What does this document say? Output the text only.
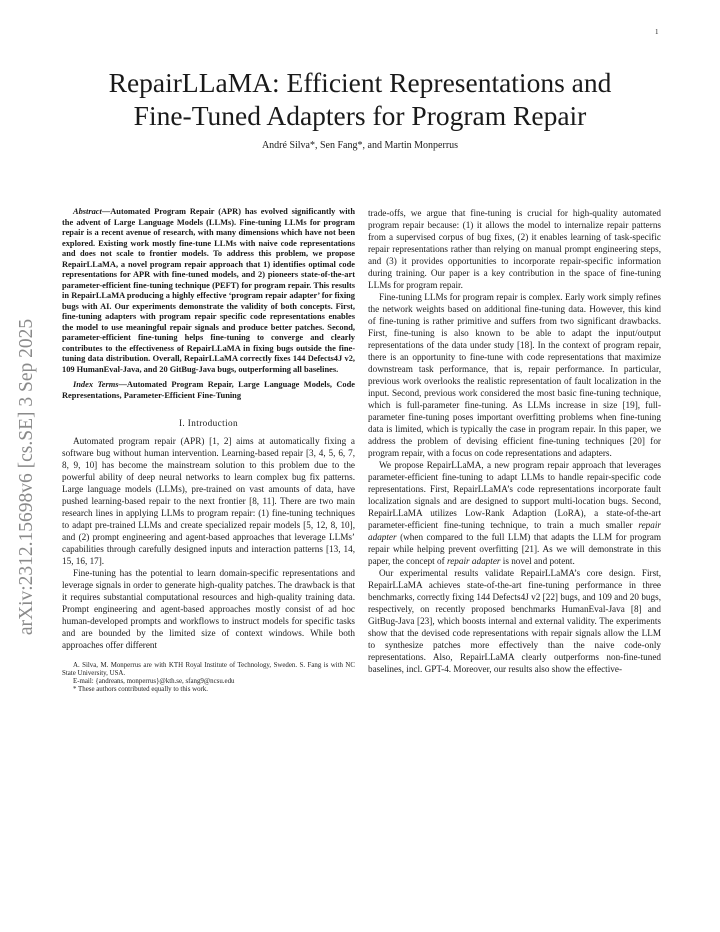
1
arXiv:2312.15698v6 [cs.SE] 3 Sep 2025
RepairLLaMA: Efficient Representations and
Fine-Tuned Adapters for Program Repair
André Silva*, Sen Fang*, and Martin Monperrus

Abstract—Automated Program Repair (APR) has evolved significantly with the advent of Large Language Models (LLMs). Fine-tuning LLMs for program repair is a recent avenue of research, with many dimensions which have not been explored. Existing work mostly fine-tune LLMs with naive code representations and does not scale to frontier models. To address this problem, we propose RepairLLaMA, a novel program repair approach that 1) identifies optimal code representations for APR with fine-tuned models, and 2) pioneers state-of-the-art parameter-efficient fine-tuning technique (PEFT) for program repair. This results in RepairLLaMA producing a highly effective ‘program repair adapter’ for fixing bugs with AI. Our experiments demonstrate the validity of both concepts. First, fine-tuning adapters with program repair specific code representations enables the model to use meaningful repair signals and produce better patches. Second, parameter-efficient fine-tuning helps fine-tuning to converge and clearly contributes to the effectiveness of RepairLLaMA in fixing bugs outside the fine-tuning data distribution. Overall, RepairLLaMA correctly fixes 144 Defects4J v2, 109 HumanEval-Java, and 20 GitBug-Java bugs, outperforming all baselines.

Index Terms—Automated Program Repair, Large Language Models, Code Representations, Parameter-Efficient Fine-Tuning

I. Introduction

Automated program repair (APR) [1, 2] aims at automatically fixing a software bug without human intervention. Learning-based repair [3, 4, 5, 6, 7, 8, 9, 10] has become the mainstream solution to this problem due to the powerful ability of deep neural networks to learn complex bug fix patterns. Large language models (LLMs), pre-trained on vast amounts of data, have pushed learning-based repair to the next frontier [8, 11]. There are two main research lines in applying LLMs to program repair: (1) fine-tuning techniques to adapt pre-trained LLMs and create specialized repair models [5, 12, 8, 10], and (2) prompt engineering and agent-based approaches that leverage LLMs’ capabilities through carefully designed inputs and interaction patterns [13, 14, 15, 16, 17].

Fine-tuning has the potential to learn domain-specific representations and leverage signals in order to generate high-quality patches. The drawback is that it requires substantial computational resources and high-quality training data. Prompt engineering and agent-based approaches mostly consist of ad hoc human-developed prompts and workflows to instruct models for specific tasks and are bounded by the limited size of context windows. While both approaches offer different

A. Silva, M. Monperrus are with KTH Royal Institute of Technology, Sweden. S. Fang is with NC State University, USA.

E-mail: {andreans, monperrus}@kth.se, sfang9@ncsu.edu

* These authors contributed equally to this work.

trade-offs, we argue that fine-tuning is crucial for high-quality automated program repair because: (1) it allows the model to internalize repair patterns from a supervised corpus of bug fixes, (2) it enables learning of task-specific repair representations rather than relying on manual prompt engineering steps, and (3) it provides opportunities to incorporate repair-specific information during training. Our paper is a key contribution in the space of fine-tuning LLMs for program repair.

Fine-tuning LLMs for program repair is complex. Early work simply refines the network weights based on additional fine-tuning data. However, this kind of fine-tuning is rather primitive and suffers from two significant drawbacks. First, fine-tuning is also known to be able to adapt the input/output representations of the data under study [18]. In the context of program repair, there is an opportunity to fine-tune with code representations that maximize downstream task performance, that is, repair performance. In particular, previous work overlooks the realistic representation of fault localization in the input. Second, previous work considered the most basic fine-tuning technique, which is full-parameter fine-tuning. As LLMs increase in size [19], full-parameter fine-tuning poses important overfitting problems when fine-tuning data is limited, which is typically the case in program repair. In this paper, we address the problem of devising efficient fine-tuning techniques [20] for program repair, with a focus on code representations and adapters.

We propose RepairLLaMA, a new program repair approach that leverages parameter-efficient fine-tuning to adapt LLMs to handle repair-specific code representations. First, RepairLLaMA’s code representations incorporate fault localization signals and are designed to support multi-location bugs. Second, RepairLLaMA utilizes Low-Rank Adaption (LoRA), a state-of-the-art parameter-efficient fine-tuning technique, to train a much smaller repair adapter (when compared to the full LLM) that adapts the LLM for program repair while helping prevent overfitting [21]. As we will demonstrate in this paper, the concept of repair adapter is novel and potent.

Our experimental results validate RepairLLaMA’s core design. First, RepairLLaMA achieves state-of-the-art fine-tuning performance in three benchmarks, correctly fixing 144 Defects4J v2 [22] bugs, and 109 and 20 bugs, respectively, on recently proposed benchmarks HumanEval-Java [8] and GitBug-Java [23], which boosts internal and external validity. The experiments show that the devised code representations with repair signals allow the LLM to synthesize patches more effectively than the naive code-only representations. Also, RepairLLaMA clearly outperforms non-fine-tuned baselines, incl. GPT-4. Moreover, our results also show the effective-
